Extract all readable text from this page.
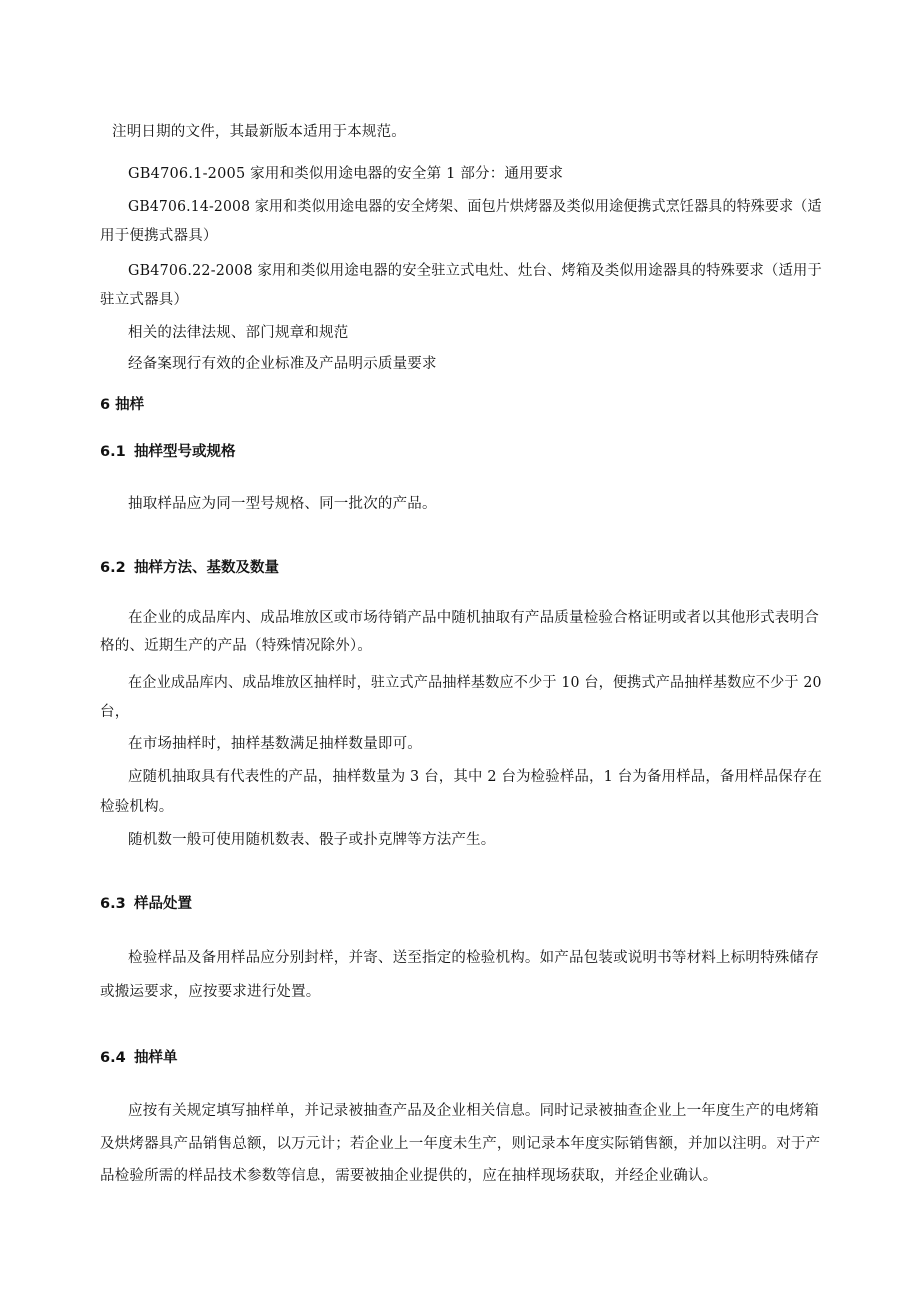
注明日期的文件，其最新版本适用于本规范。
GB4706.1-2005 家用和类似用途电器的安全第 1 部分：通用要求
GB4706.14-2008 家用和类似用途电器的安全烤架、面包片烘烤器及类似用途便携式烹饪器具的特殊要求（适
用于便携式器具）
GB4706.22-2008 家用和类似用途电器的安全驻立式电灶、灶台、烤箱及类似用途器具的特殊要求（适用于
驻立式器具）
相关的法律法规、部门规章和规范
经备案现行有效的企业标准及产品明示质量要求
6 抽样
6.1 抽样型号或规格
抽取样品应为同一型号规格、同一批次的产品。
6.2 抽样方法、基数及数量
在企业的成品库内、成品堆放区或市场待销产品中随机抽取有产品质量检验合格证明或者以其他形式表明合
格的、近期生产的产品（特殊情况除外）。
在企业成品库内、成品堆放区抽样时，驻立式产品抽样基数应不少于 10 台，便携式产品抽样基数应不少于 20
台，
在市场抽样时，抽样基数满足抽样数量即可。
应随机抽取具有代表性的产品，抽样数量为 3 台，其中 2 台为检验样品，1 台为备用样品，备用样品保存在
检验机构。
随机数一般可使用随机数表、骰子或扑克牌等方法产生。
6.3 样品处置
检验样品及备用样品应分别封样，并寄、送至指定的检验机构。如产品包装或说明书等材料上标明特殊储存
或搬运要求，应按要求进行处置。
6.4 抽样单
应按有关规定填写抽样单，并记录被抽查产品及企业相关信息。同时记录被抽查企业上一年度生产的电烤箱
及烘烤器具产品销售总额，以万元计；若企业上一年度未生产，则记录本年度实际销售额，并加以注明。对于产
品检验所需的样品技术参数等信息，需要被抽企业提供的，应在抽样现场获取，并经企业确认。
